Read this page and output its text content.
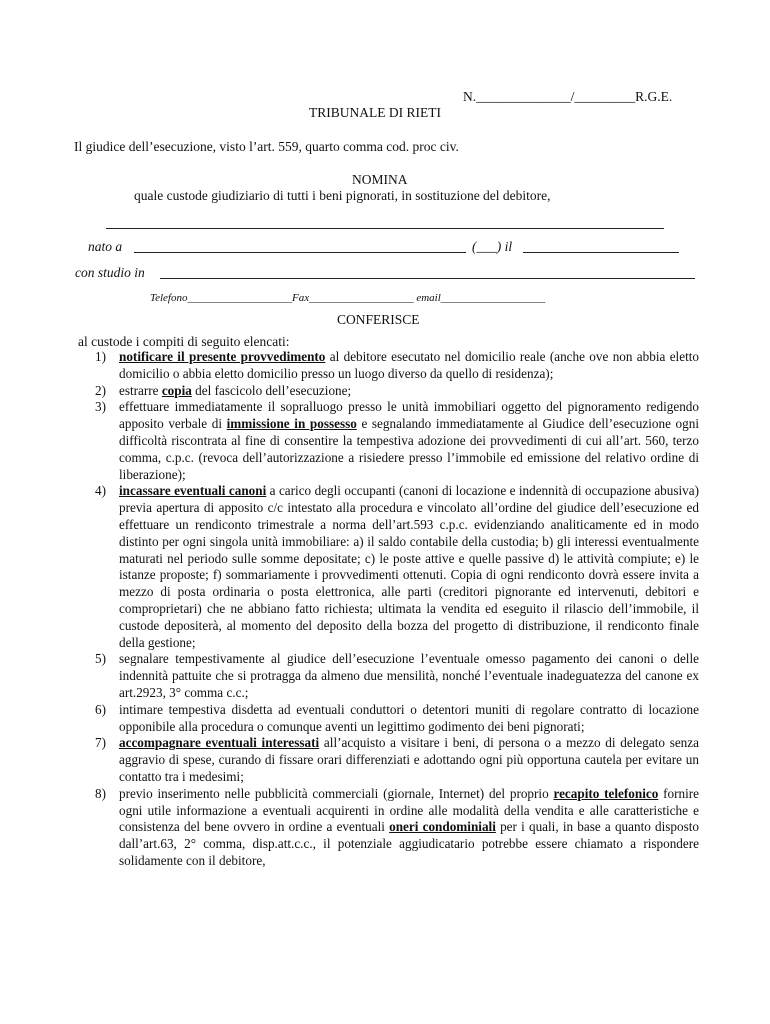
N.______________/_________R.G.E.
TRIBUNALE DI RIETI
Il giudice dell’esecuzione, visto l’art. 559, quarto comma cod. proc civ.
NOMINA
quale custode giudiziario di tutti i beni pignorati, in sostituzione del debitore,
nato a	(___) il
con studio in
Telefono___________________Fax___________________ email___________________
CONFERISCE
al custode i compiti di seguito elencati:
1) notificare il presente provvedimento al debitore esecutato nel domicilio reale (anche ove non abbia eletto domicilio o abbia eletto domicilio presso un luogo diverso da quello di residenza);
2) estrarre copia del fascicolo dell’esecuzione;
3) effettuare immediatamente il sopralluogo presso le unità immobiliari oggetto del pignoramento redigendo apposito verbale di immissione in possesso e segnalando immediatamente al Giudice dell’esecuzione ogni difficoltà riscontrata al fine di consentire la tempestiva adozione dei provvedimenti di cui all’art. 560, terzo comma, c.p.c. (revoca dell’autorizzazione a risiedere presso l’immobile ed emissione del relativo ordine di liberazione);
4) incassare eventuali canoni a carico degli occupanti (canoni di locazione e indennità di occupazione abusiva) previa apertura di apposito c/c intestato alla procedura e vincolato all’ordine del giudice dell’esecuzione ed effettuare un rendiconto trimestrale a norma dell’art.593 c.p.c. evidenziando analiticamente ed in modo distinto per ogni singola unità immobiliare: a) il saldo contabile della custodia; b) gli interessi eventualmente maturati nel periodo sulle somme depositate; c) le poste attive e quelle passive d) le attività compiute; e) le istanze proposte; f) sommariamente i provvedimenti ottenuti. Copia di ogni rendiconto dovrà essere invita a mezzo di posta ordinaria o posta elettronica, alle parti (creditori pignorante ed intervenuti, debitori e comproprietari) che ne abbiano fatto richiesta; ultimata la vendita ed eseguito il rilascio dell’immobile, il custode depositerà, al momento del deposito della bozza del progetto di distribuzione, il rendiconto finale della gestione;
5) segnalare tempestivamente al giudice dell’esecuzione l’eventuale omesso pagamento dei canoni o delle indennità pattuite che si protragga da almeno due mensilità, nonché l’eventuale inadeguatezza del canone ex art.2923, 3° comma c.c.;
6) intimare tempestiva disdetta ad eventuali conduttori o detentori muniti di regolare contratto di locazione opponibile alla procedura o comunque aventi un legittimo godimento dei beni pignorati;
7) accompagnare eventuali interessati all’acquisto a visitare i beni, di persona o a mezzo di delegato senza aggravio di spese, curando di fissare orari differenziati e adottando ogni più opportuna cautela per evitare un contatto tra i medesimi;
8) previo inserimento nelle pubblicità commerciali (giornale, Internet) del proprio recapito telefonico fornire ogni utile informazione a eventuali acquirenti in ordine alle modalità della vendita e alle caratteristiche e consistenza del bene ovvero in ordine a eventuali oneri condominiali per i quali, in base a quanto disposto dall’art.63, 2° comma, disp.att.c.c., il potenziale aggiudicatario potrebbe essere chiamato a rispondere solidamente con il debitore,
